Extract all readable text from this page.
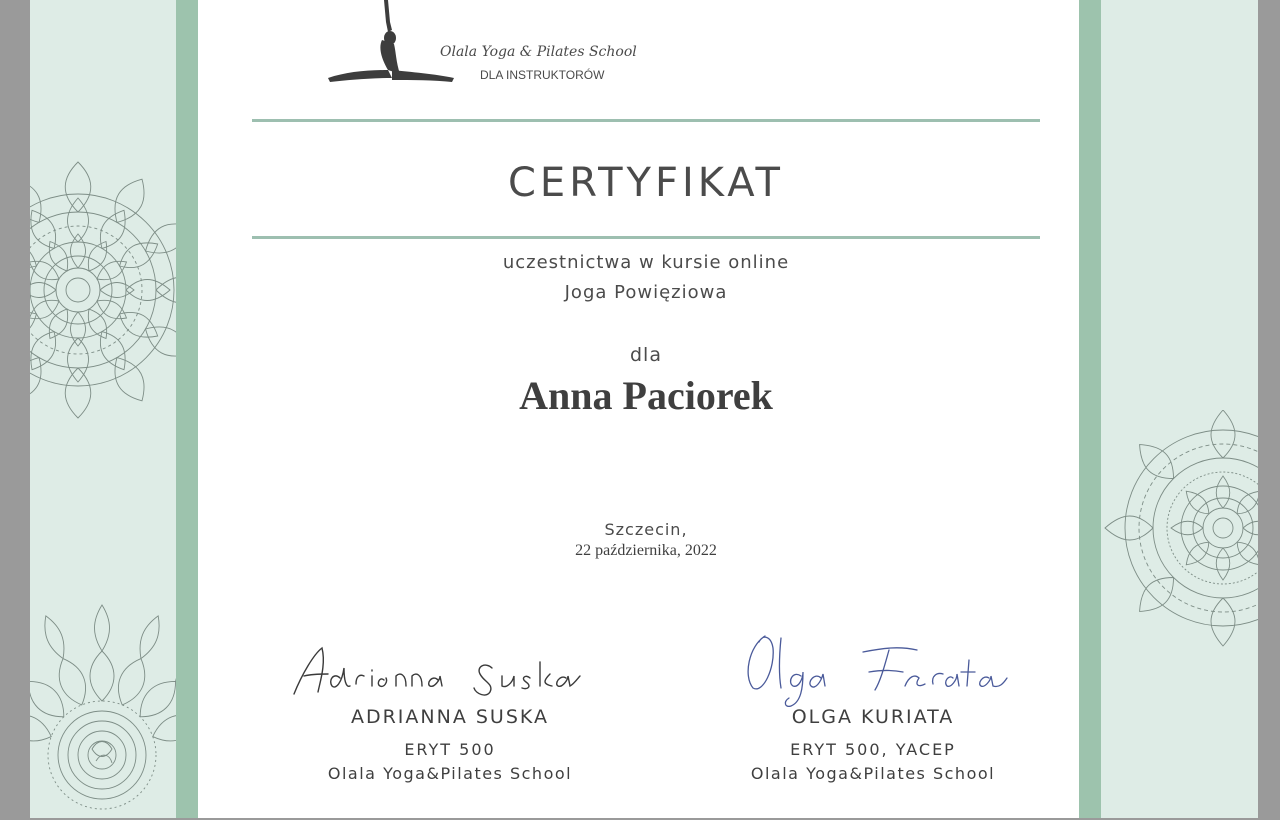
Olala Yoga & Pilates School
DLA INSTRUKTORÓW
CERTYFIKAT
uczestnictwa w kursie online
Joga Powięziowa
dla
Anna Paciorek
Szczecin,
22 października, 2022
ADRIANNA SUSKA
ERYT 500
Olala Yoga&Pilates School
OLGA KURIATA
ERYT 500, YACEP
Olala Yoga&Pilates School
